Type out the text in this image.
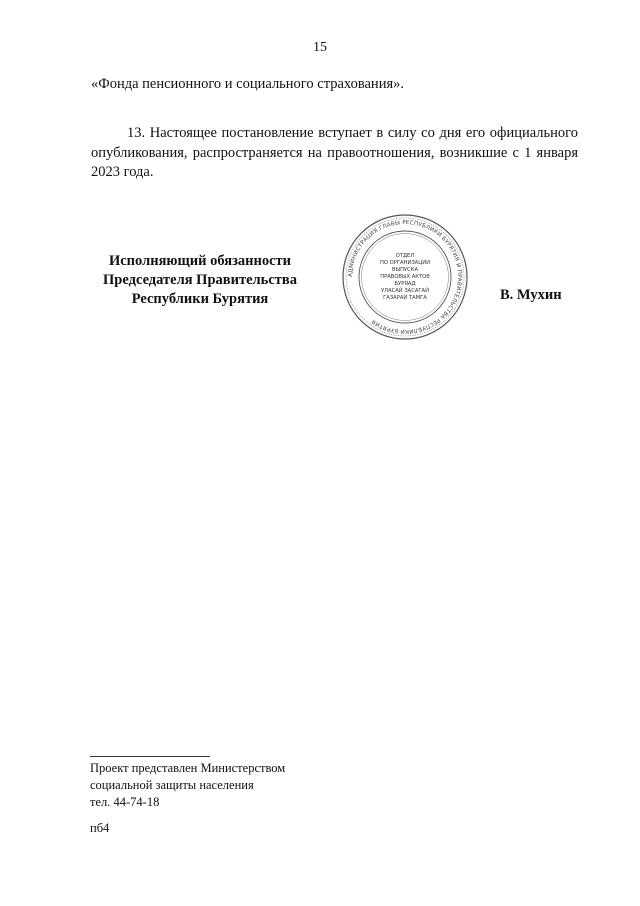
15
«Фонда пенсионного и социального страхования».
13. Настоящее постановление вступает в силу со дня его официального опубликования, распространяется на правоотношения, возникшие с 1 января 2023 года.
Исполняющий обязанности
Председателя Правительства
Республики Бурятия
АДМИНИСТРАЦИЯ ГЛАВЫ РЕСПУБЛИКИ БУРЯТИЯ И ПРАВИТЕЛЬСТВА РЕСПУБЛИКИ БУРЯТИЯ
ОТДЕЛ
ПО ОРГАНИЗАЦИИ
ВЫПУСКА
ПРАВОВЫХ АКТОВ
БУРЯАД
УЛАСАЙ ЗАСАГАЙ
ГАЗАРАЙ ТАМГА	В. Мухин
Проект представлен Министерством
социальной защиты населения
тел. 44-74-18
пб4
